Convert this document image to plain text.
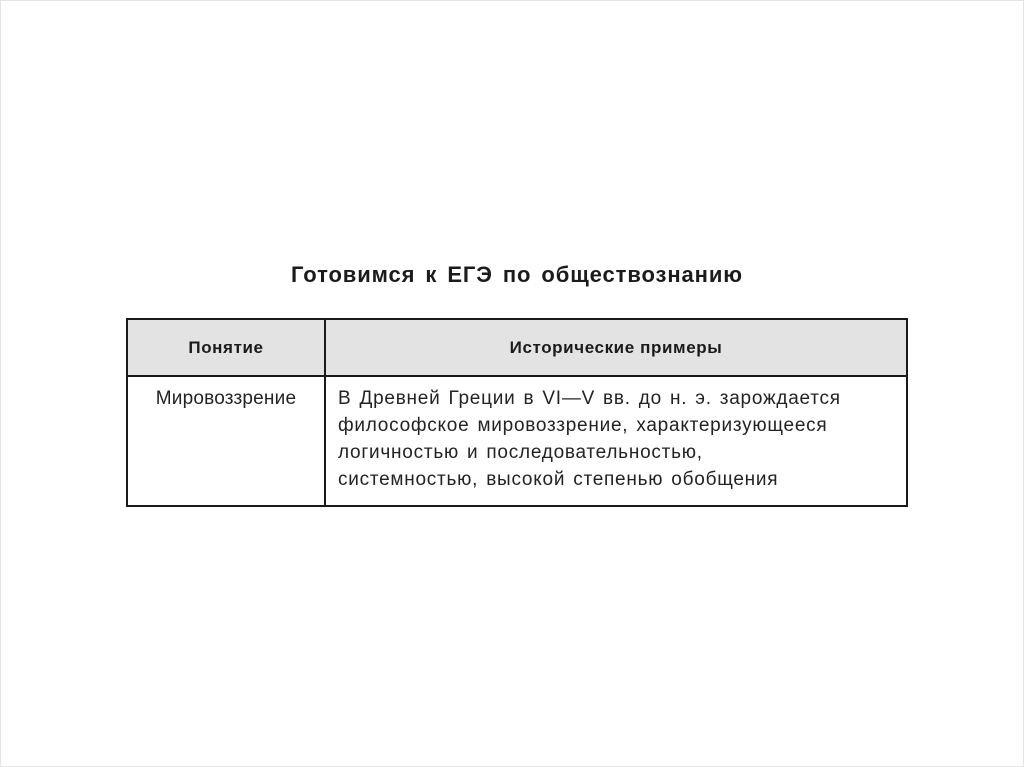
Готовимся к ЕГЭ по обществознанию
Понятие	Исторические примеры
Мировоззрение	В Древней Греции в VI—V вв. до н. э. зарождается
философское мировоззрение, характеризующееся
логичностью и последовательностью,
системностью, высокой степенью обобщения
